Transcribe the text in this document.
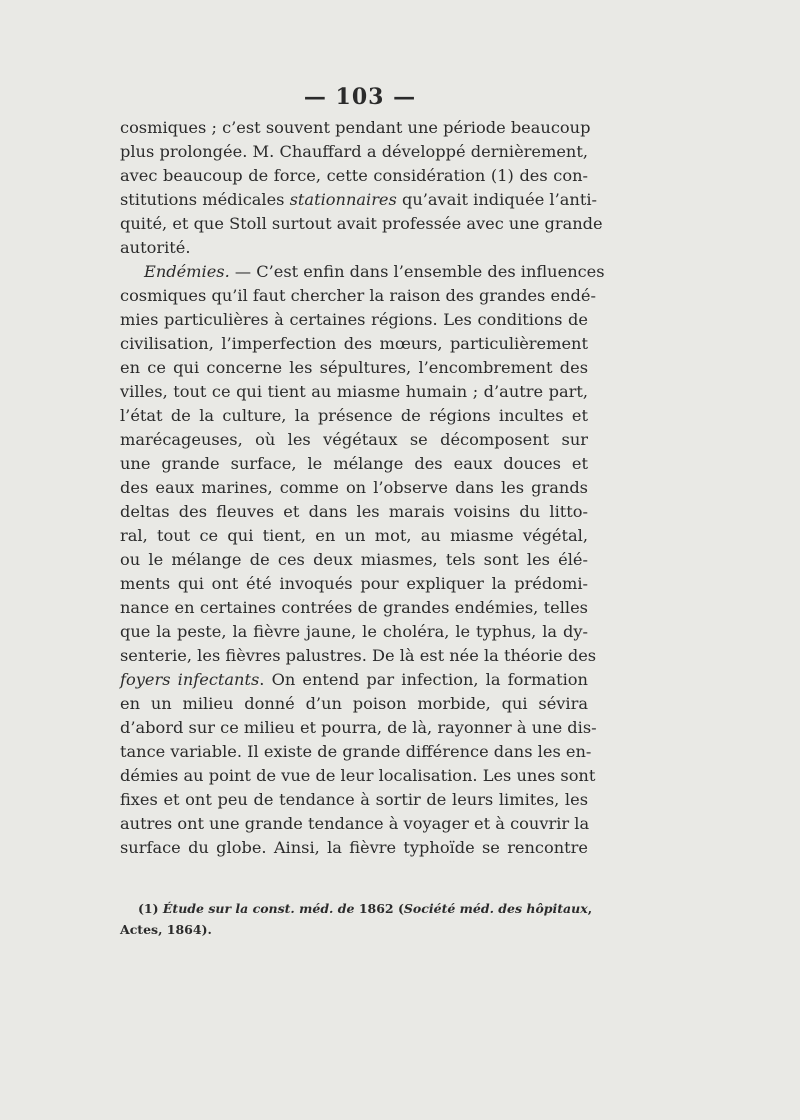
— 103 —
cosmiques ; c’est souvent pendant une période beaucoup
plus prolongée. M. Chauffard a développé dernièrement,
avec beaucoup de force, cette considération (1) des con-
stitutions médicales stationnaires qu’avait indiquée l’anti-
quité, et que Stoll surtout avait professée avec une grande
autorité.
Endémies. — C’est enfin dans l’ensemble des influences
cosmiques qu’il faut chercher la raison des grandes endé-
mies particulières à certaines régions. Les conditions de
civilisation, l’imperfection des mœurs, particulièrement
en ce qui concerne les sépultures, l’encombrement des
villes, tout ce qui tient au miasme humain ; d’autre part,
l’état de la culture, la présence de régions incultes et
marécageuses, où les végétaux se décomposent sur
une grande surface, le mélange des eaux douces et
des eaux marines, comme on l’observe dans les grands
deltas des fleuves et dans les marais voisins du litto-
ral, tout ce qui tient, en un mot, au miasme végétal,
ou le mélange de ces deux miasmes, tels sont les élé-
ments qui ont été invoqués pour expliquer la prédomi-
nance en certaines contrées de grandes endémies, telles
que la peste, la fièvre jaune, le choléra, le typhus, la dy-
senterie, les fièvres palustres. De là est née la théorie des
foyers infectants. On entend par infection, la formation
en un milieu donné d’un poison morbide, qui sévira
d’abord sur ce milieu et pourra, de là, rayonner à une dis-
tance variable. Il existe de grande différence dans les en-
démies au point de vue de leur localisation. Les unes sont
fixes et ont peu de tendance à sortir de leurs limites, les
autres ont une grande tendance à voyager et à couvrir la
surface du globe. Ainsi, la fièvre typhoïde se rencontre
(1) Étude sur la const. méd. de 1862 (Société méd. des hôpitaux,
Actes, 1864).
